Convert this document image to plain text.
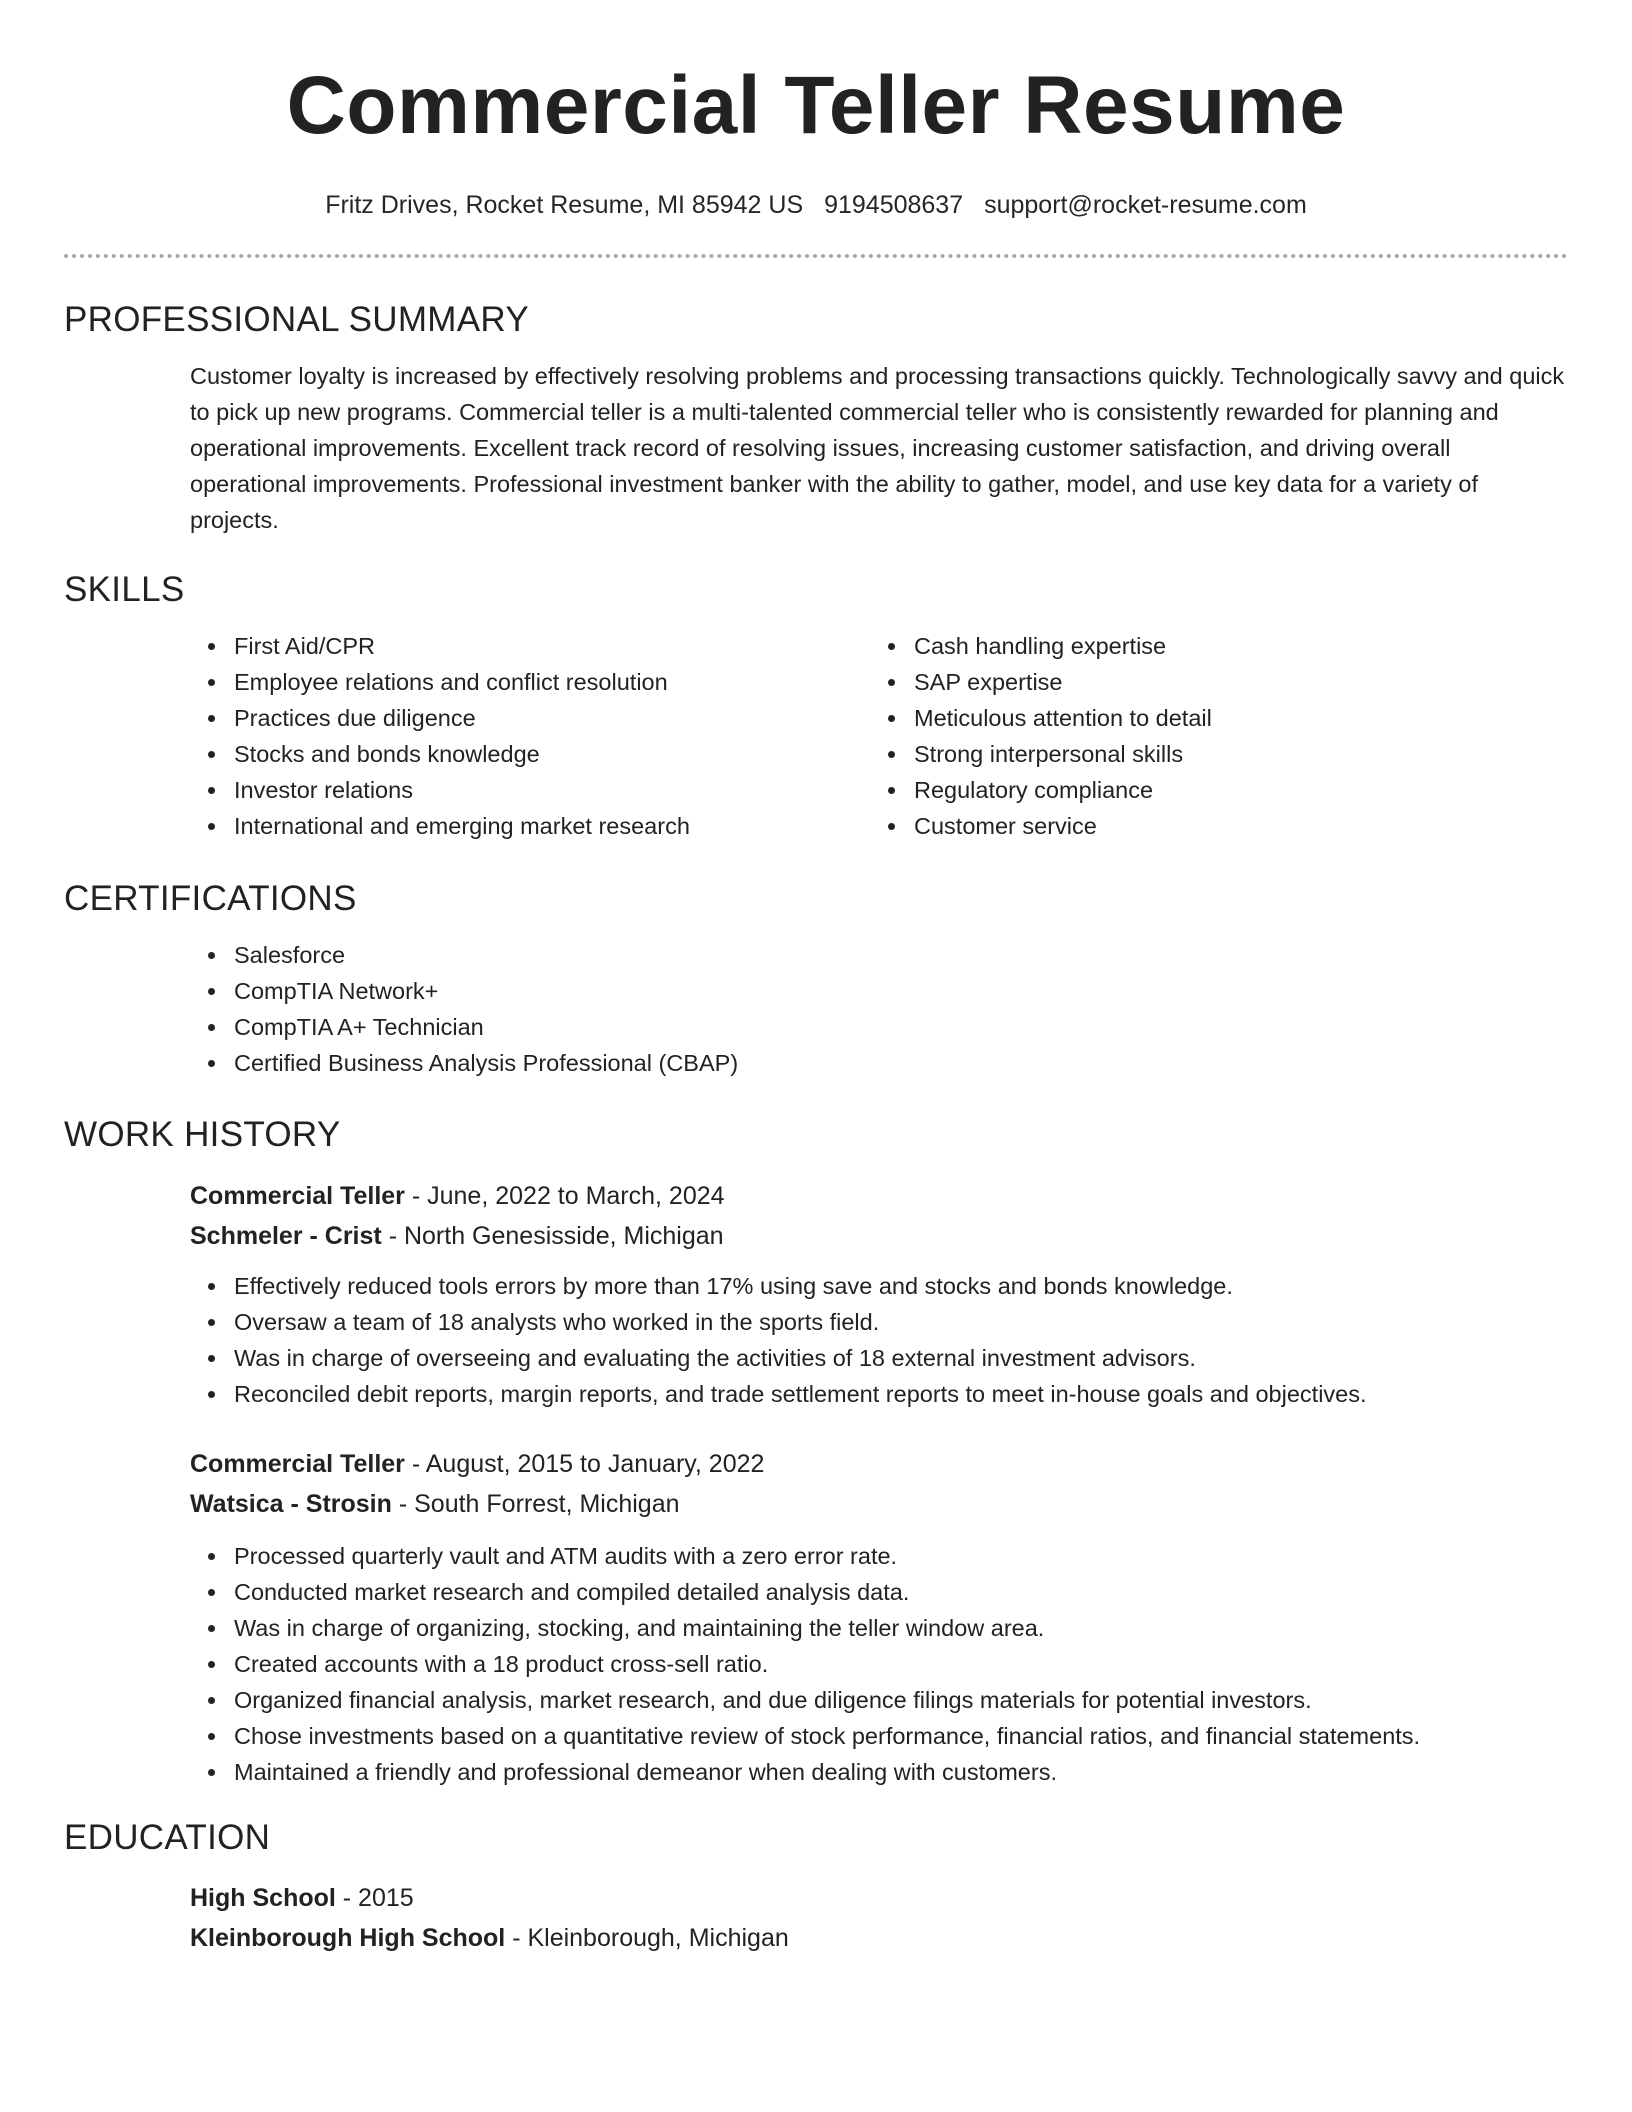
Commercial Teller Resume
Fritz Drives, Rocket Resume, MI 85942 US 9194508637 support@rocket-resume.com
PROFESSIONAL SUMMARY

Customer loyalty is increased by effectively resolving problems and processing transactions quickly. Technologically savvy and quick to pick up new programs. Commercial teller is a multi-talented commercial teller who is consistently rewarded for planning and operational improvements. Excellent track record of resolving issues, increasing customer satisfaction, and driving overall operational improvements. Professional investment banker with the ability to gather, model, and use key data for a variety of projects.

SKILLS
First Aid/CPR
Employee relations and conflict resolution
Practices due diligence
Stocks and bonds knowledge
Investor relations
International and emerging market research
Cash handling expertise
SAP expertise
Meticulous attention to detail
Strong interpersonal skills
Regulatory compliance
Customer service
CERTIFICATIONS
Salesforce
CompTIA Network+
CompTIA A+ Technician
Certified Business Analysis Professional (CBAP)
WORK HISTORY
Commercial Teller - June, 2022 to March, 2024
Schmeler - Crist - North Genesisside, Michigan
Effectively reduced tools errors by more than 17% using save and stocks and bonds knowledge.
Oversaw a team of 18 analysts who worked in the sports field.
Was in charge of overseeing and evaluating the activities of 18 external investment advisors.
Reconciled debit reports, margin reports, and trade settlement reports to meet in-house goals and objectives.
Commercial Teller - August, 2015 to January, 2022
Watsica - Strosin - South Forrest, Michigan
Processed quarterly vault and ATM audits with a zero error rate.
Conducted market research and compiled detailed analysis data.
Was in charge of organizing, stocking, and maintaining the teller window area.
Created accounts with a 18 product cross-sell ratio.
Organized financial analysis, market research, and due diligence filings materials for potential investors.
Chose investments based on a quantitative review of stock performance, financial ratios, and financial statements.
Maintained a friendly and professional demeanor when dealing with customers.
EDUCATION
High School - 2015
Kleinborough High School - Kleinborough, Michigan
